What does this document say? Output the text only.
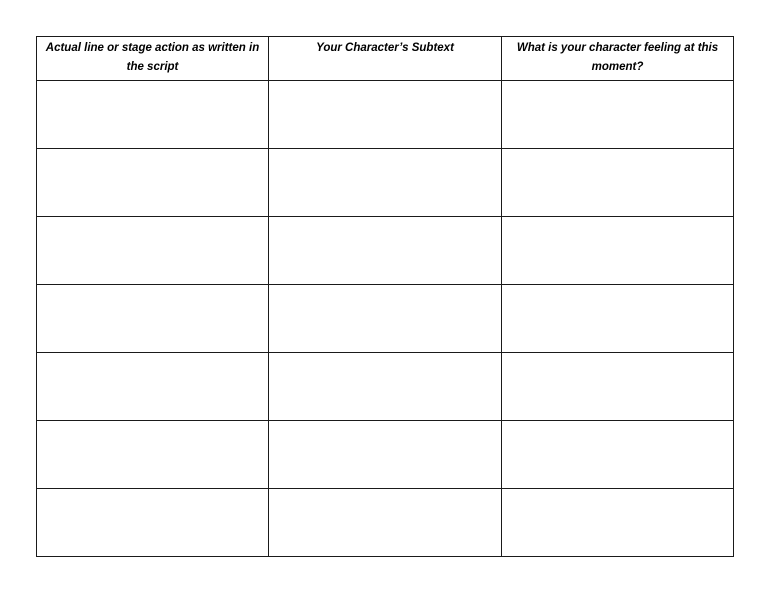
Actual line or stage action as written in the script	Your Character’s Subtext	What is your character feeling at this moment?
